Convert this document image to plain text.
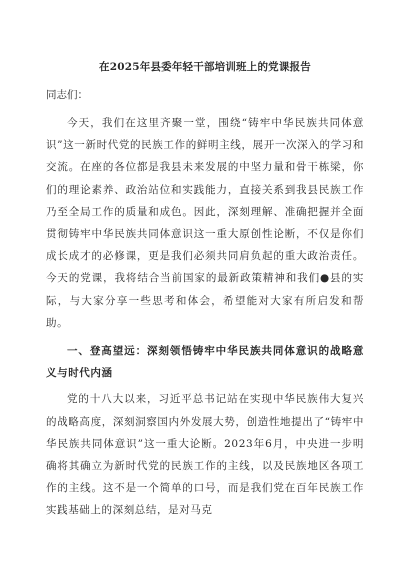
在2025年县委年轻干部培训班上的党课报告
同志们：
今天，我们在这里齐聚一堂，围绕“铸牢中华民族共同体意识”这一新时代党的民族工作的鲜明主线，展开一次深入的学习和交流。在座的各位都是我县未来发展的中坚力量和骨干栋梁，你们的理论素养、政治站位和实践能力，直接关系到我县民族工作乃至全局工作的质量和成色。因此，深刻理解、准确把握并全面贯彻铸牢中华民族共同体意识这一重大原创性论断，不仅是你们成长成才的必修课，更是我们必须共同肩负起的重大政治责任。今天的党课，我将结合当前国家的最新政策精神和我们●县的实际，与大家分享一些思考和体会，希望能对大家有所启发和帮助。
一、登高望远：深刻领悟铸牢中华民族共同体意识的战略意义与时代内涵
党的十八大以来，习近平总书记站在实现中华民族伟大复兴的战略高度，深刻洞察国内外发展大势，创造性地提出了“铸牢中华民族共同体意识”这一重大论断。2023年6月，中央进一步明确将其确立为新时代党的民族工作的主线，以及民族地区各项工作的主线。这不是一个简单的口号，而是我们党在百年民族工作实践基础上的深刻总结，是对马克
